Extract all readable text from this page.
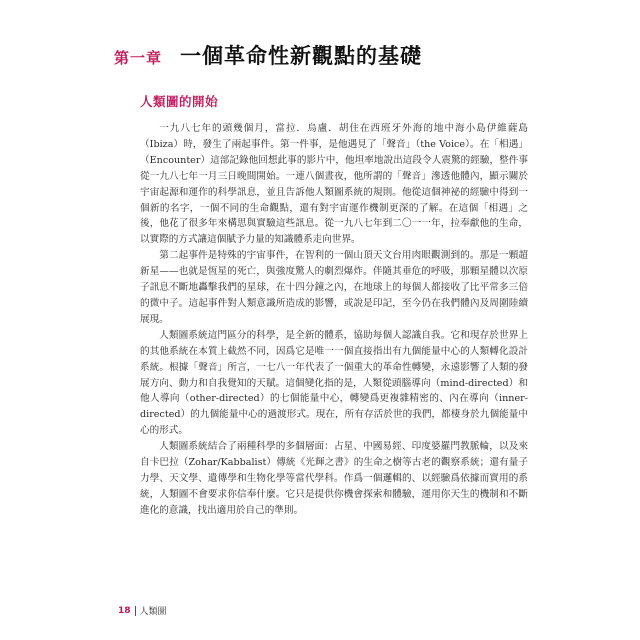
第一章 一個革命性新觀點的基礎
人類圖的開始

一九八七年的頭幾個月，當拉．烏盧．胡住在西班牙外海的地中海小島伊維薩島（Ibiza）時，發生了兩起事件。第一件事，是他遇見了「聲音」（the Voice）。在「相遇」（Encounter）這部記錄他回想此事的影片中，他坦率地說出這段令人震驚的經驗，整件事從一九八七年一月三日晚間開始。一連八個晝夜，他所謂的「聲音」滲透他體內，顯示關於宇宙起源和運作的科學訊息，並且告訴他人類圖系統的規則。他從這個神祕的經驗中得到一個新的名字，一個不同的生命觀點，還有對宇宙運作機制更深的了解。在這個「相遇」之後，他花了很多年來構思與實驗這些訊息。從一九八七年到二〇一一年，拉奉獻他的生命，以實際的方式讓這個賦予力量的知識體系走向世界。

第二起事件是特殊的宇宙事件，在智利的一個山頂天文台用肉眼觀測到的。那是一顆超新星——也就是恆星的死亡，與強度驚人的劇烈爆炸。伴隨其垂危的呼吸，那顆星體以次原子訊息不斷地轟擊我們的星球，在十四分鐘之內，在地球上的每個人都接收了比平常多三倍的微中子。這起事件對人類意識所造成的影響，或說是印記，至今仍在我們體內及周圍陸續展現。

人類圖系統這門區分的科學，是全新的體系，協助每個人認識自我。它和現存於世界上的其他系統在本質上截然不同，因爲它是唯一一個直接指出有九個能量中心的人類轉化設計系統。根據「聲音」所言，一七八一年代表了一個重大的革命性轉變，永遠影響了人類的發展方向、動力和自我覺知的天賦。這個變化指的是，人類從頭腦導向（mind-directed）和他人導向（other-directed）的七個能量中心，轉變爲更複雜精密的、內在導向（inner-directed）的九個能量中心的過渡形式。現在，所有存活於世的我們，都棲身於九個能量中心的形式。

人類圖系統結合了兩種科學的多個層面：占星、中國易經、印度婆羅門教脈輪，以及來自卡巴拉（Zohar/Kabbalist）傳統《光輝之書》的生命之樹等古老的觀察系統；還有量子力學、天文學、遺傳學和生物化學等當代學科。作爲一個邏輯的、以經驗爲依據而實用的系統，人類圖不會要求你信奉什麼。它只是提供你機會探索和體驗，運用你天生的機制和不斷進化的意識，找出適用於自己的準則。

18 人類圖
